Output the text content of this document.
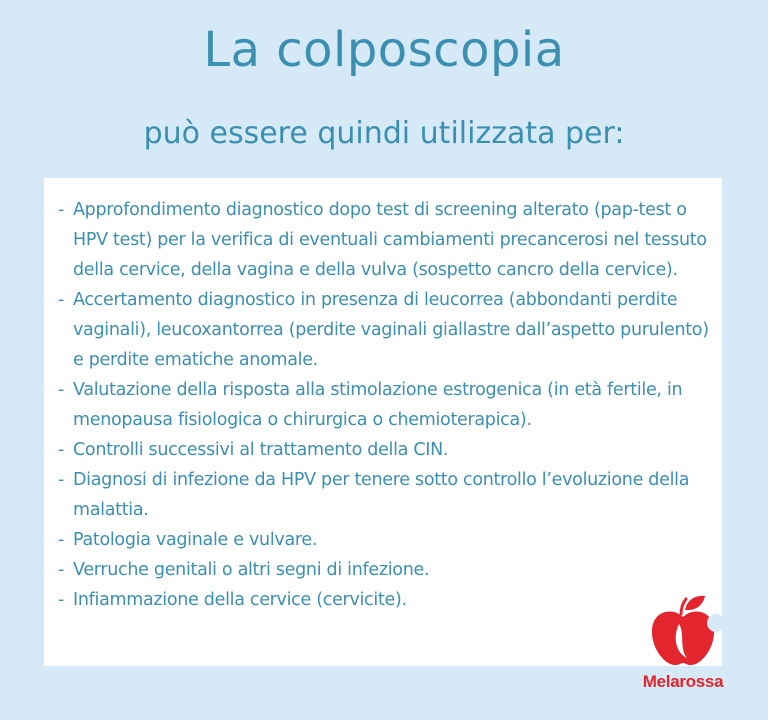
La colposcopia
può essere quindi utilizzata per:
- Approfondimento diagnostico dopo test di screening alterato (pap-test o HPV test) per la verifica di eventuali cambiamenti precancerosi nel tessuto della cervice, della vagina e della vulva (sospetto cancro della cervice).
- Accertamento diagnostico in presenza di leucorrea (abbondanti perdite vaginali), leucoxantorrea (perdite vaginali giallastre dall’aspetto purulento) e perdite ematiche anomale.
- Valutazione della risposta alla stimolazione estrogenica (in età fertile, in menopausa fisiologica o chirurgica o chemioterapica).
- Controlli successivi al trattamento della CIN.
- Diagnosi di infezione da HPV per tenere sotto controllo l’evoluzione della malattia.
- Patologia vaginale e vulvare.
- Verruche genitali o altri segni di infezione.
- Infiammazione della cervice (cervicite).
Melarossa
